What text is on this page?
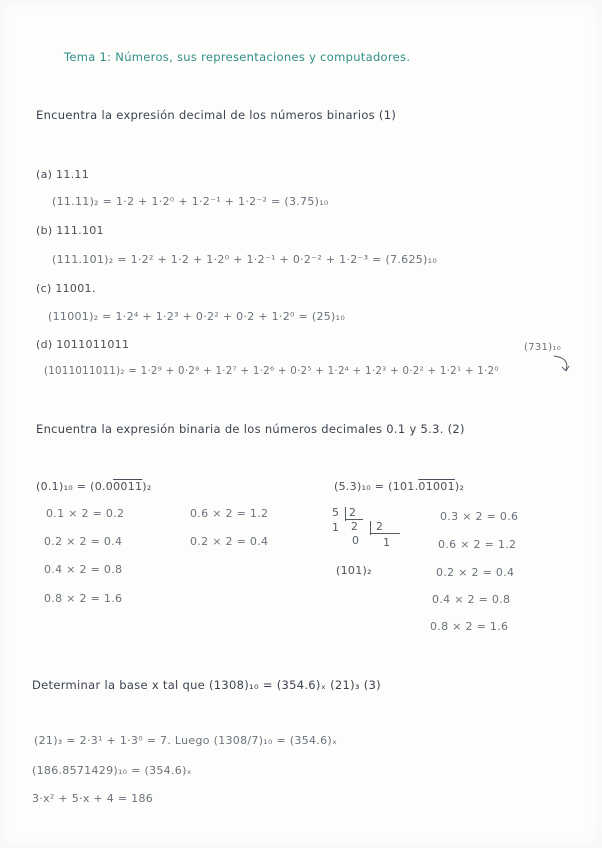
Tema 1: Números, sus representaciones y computadores.
Encuentra la expresión decimal de los números binarios (1)
(a) 11.11
(11.11)₂ = 1·2 + 1·2⁰ + 1·2⁻¹ + 1·2⁻² = (3.75)₁₀
(b) 111.101
(111.101)₂ = 1·2² + 1·2 + 1·2⁰ + 1·2⁻¹ + 0·2⁻² + 1·2⁻³ = (7.625)₁₀
(c) 11001.
(11001)₂ = 1·2⁴ + 1·2³ + 0·2² + 0·2 + 1·2⁰ = (25)₁₀
(d) 1011011011	(731)₁₀
(1011011011)₂ = 1·2⁹ + 0·2⁸ + 1·2⁷ + 1·2⁶ + 0·2⁵ + 1·2⁴ + 1·2³ + 0·2² + 1·2¹ + 1·2⁰
Encuentra la expresión binaria de los números decimales 0.1 y 5.3. (2)
(0.1)₁₀ = (0.00011)₂
0.1 × 2 = 0.2
0.2 × 2 = 0.4
0.4 × 2 = 0.8
0.8 × 2 = 1.6
0.6 × 2 = 1.2
0.2 × 2 = 0.4
(5.3)₁₀ = (101.01001)₂
5 2
1 2 2
0 1
(101)₂
0.3 × 2 = 0.6
0.6 × 2 = 1.2
0.2 × 2 = 0.4
0.4 × 2 = 0.8
0.8 × 2 = 1.6
Determinar la base x tal que (1308)₁₀ = (354.6)ₓ (21)₃ (3)
(21)₃ = 2·3¹ + 1·3⁰ = 7. Luego (1308/7)₁₀ = (354.6)ₓ
(186.8571429)₁₀ = (354.6)ₓ
3·x² + 5·x + 4 = 186
